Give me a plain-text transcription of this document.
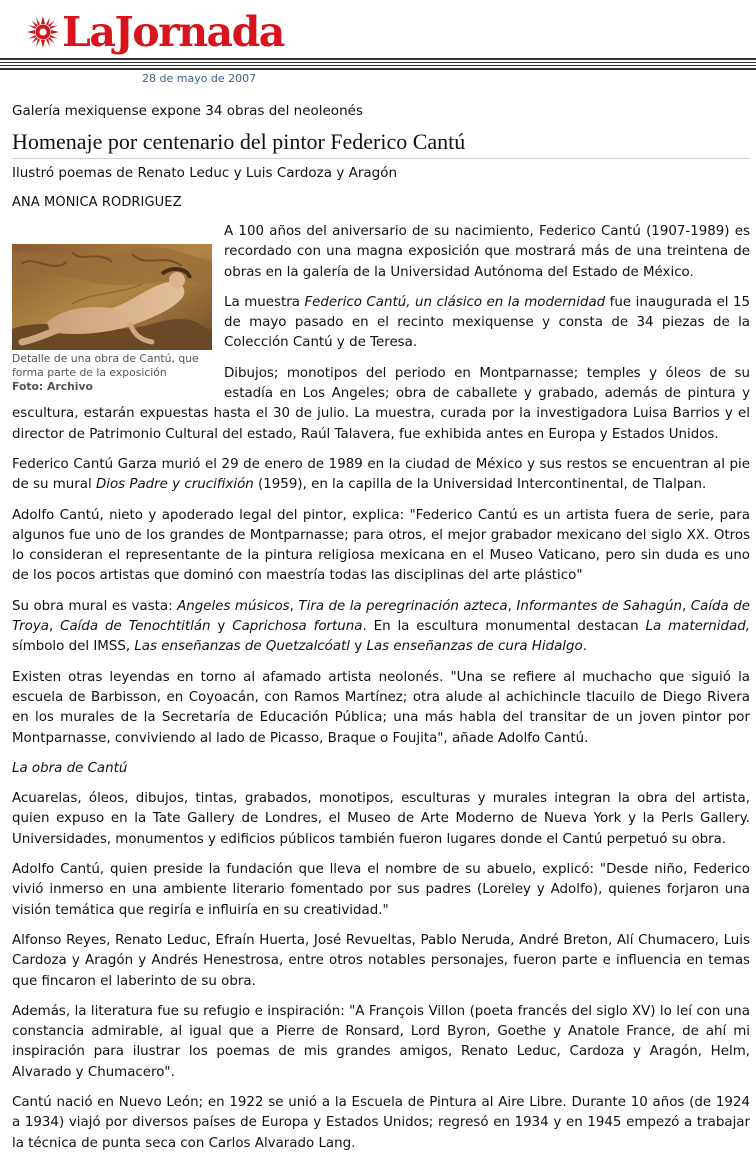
LaJornada
28 de mayo de 2007
Galería mexiquense expone 34 obras del neoleonés
Homenaje por centenario del pintor Federico Cantú
Ilustró poemas de Renato Leduc y Luis Cardoza y Aragón
ANA MONICA RODRIGUEZ
Detalle de una obra de Cantú, que forma parte de la exposición
Foto: Archivo

A 100 años del aniversario de su nacimiento, Federico Cantú (1907-1989) es recordado con una magna exposición que mostrará más de una treintena de obras en la galería de la Universidad Autónoma del Estado de México.

La muestra Federico Cantú, un clásico en la modernidad fue inaugurada el 15 de mayo pasado en el recinto mexiquense y consta de 34 piezas de la Colección Cantú y de Teresa.

Dibujos; monotipos del periodo en Montparnasse; temples y óleos de su estadía en Los Angeles; obra de caballete y grabado, además de pintura y escultura, estarán expuestas hasta el 30 de julio. La muestra, curada por la investigadora Luisa Barrios y el director de Patrimonio Cultural del estado, Raúl Talavera, fue exhibida antes en Europa y Estados Unidos.

Federico Cantú Garza murió el 29 de enero de 1989 en la ciudad de México y sus restos se encuentran al pie de su mural Dios Padre y crucifixión (1959), en la capilla de la Universidad Intercontinental, de Tlalpan.

Adolfo Cantú, nieto y apoderado legal del pintor, explica: "Federico Cantú es un artista fuera de serie, para algunos fue uno de los grandes de Montparnasse; para otros, el mejor grabador mexicano del siglo XX. Otros lo consideran el representante de la pintura religiosa mexicana en el Museo Vaticano, pero sin duda es uno de los pocos artistas que dominó con maestría todas las disciplinas del arte plástico"

Su obra mural es vasta: Angeles músicos, Tira de la peregrinación azteca, Informantes de Sahagún, Caída de Troya, Caída de Tenochtitlán y Caprichosa fortuna. En la escultura monumental destacan La maternidad, símbolo del IMSS, Las enseñanzas de Quetzalcóatl y Las enseñanzas de cura Hidalgo.

Existen otras leyendas en torno al afamado artista neolonés. "Una se refiere al muchacho que siguió la escuela de Barbisson, en Coyoacán, con Ramos Martínez; otra alude al achichincle tlacuilo de Diego Rivera en los murales de la Secretaría de Educación Pública; una más habla del transitar de un joven pintor por Montparnasse, conviviendo al lado de Picasso, Braque o Foujita", añade Adolfo Cantú.

La obra de Cantú

Acuarelas, óleos, dibujos, tintas, grabados, monotipos, esculturas y murales integran la obra del artista, quien expuso en la Tate Gallery de Londres, el Museo de Arte Moderno de Nueva York y la Perls Gallery. Universidades, monumentos y edificios públicos también fueron lugares donde el Cantú perpetuó su obra.

Adolfo Cantú, quien preside la fundación que lleva el nombre de su abuelo, explicó: "Desde niño, Federico vivió inmerso en una ambiente literario fomentado por sus padres (Loreley y Adolfo), quienes forjaron una visión temática que regiría e influiría en su creatividad."

Alfonso Reyes, Renato Leduc, Efraín Huerta, José Revueltas, Pablo Neruda, André Breton, Alí Chumacero, Luis Cardoza y Aragón y Andrés Henestrosa, entre otros notables personajes, fueron parte e influencia en temas que fincaron el laberinto de su obra.

Además, la literatura fue su refugio e inspiración: "A François Villon (poeta francés del siglo XV) lo leí con una constancia admirable, al igual que a Pierre de Ronsard, Lord Byron, Goethe y Anatole France, de ahí mi inspiración para ilustrar los poemas de mis grandes amigos, Renato Leduc, Cardoza y Aragón, Helm, Alvarado y Chumacero".

Cantú nació en Nuevo León; en 1922 se unió a la Escuela de Pintura al Aire Libre. Durante 10 años (de 1924 a 1934) viajó por diversos países de Europa y Estados Unidos; regresó en 1934 y en 1945 empezó a trabajar la técnica de punta seca con Carlos Alvarado Lang.
